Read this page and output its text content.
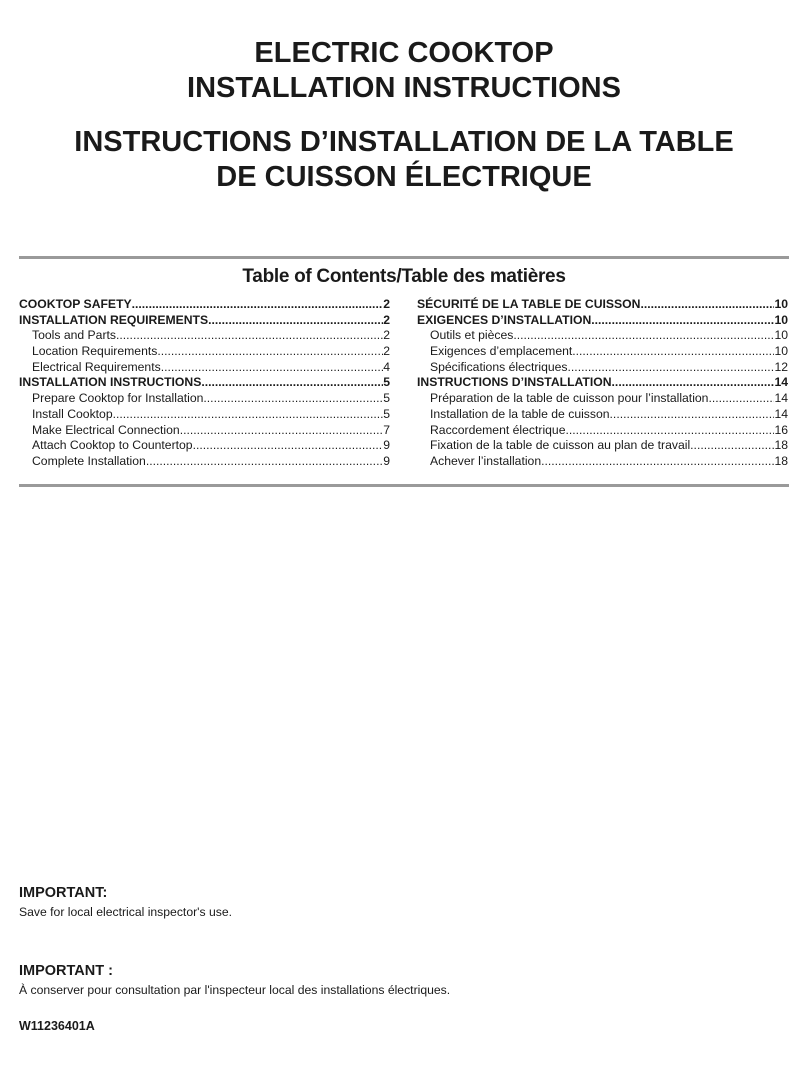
ELECTRIC COOKTOP
INSTALLATION INSTRUCTIONS
INSTRUCTIONS D’INSTALLATION DE LA TABLE
DE CUISSON ÉLECTRIQUE
Table of Contents/Table des matières
COOKTOP SAFETY .....	2
INSTALLATION REQUIREMENTS .....	2
Tools and Parts .....	2
Location Requirements .....	2
Electrical Requirements .....	4
INSTALLATION INSTRUCTIONS .....	5
Prepare Cooktop for Installation .....	5
Install Cooktop .....	5
Make Electrical Connection .....	7
Attach Cooktop to Countertop .....	9
Complete Installation .....	9
SÉCURITÉ DE LA TABLE DE CUISSON .....	10
EXIGENCES D’INSTALLATION .....	10
Outils et pièces .....	10
Exigences d’emplacement .....	10
Spécifications électriques .....	12
INSTRUCTIONS D’INSTALLATION .....	14
Préparation de la table de cuisson pour l’installation .....	14
Installation de la table de cuisson .....	14
Raccordement électrique .....	16
Fixation de la table de cuisson au plan de travail .....	18
Achever l’installation .....	18

IMPORTANT:

Save for local electrical inspector's use.

IMPORTANT :

À conserver pour consultation par l'inspecteur local des installations électriques.

W11236401A
